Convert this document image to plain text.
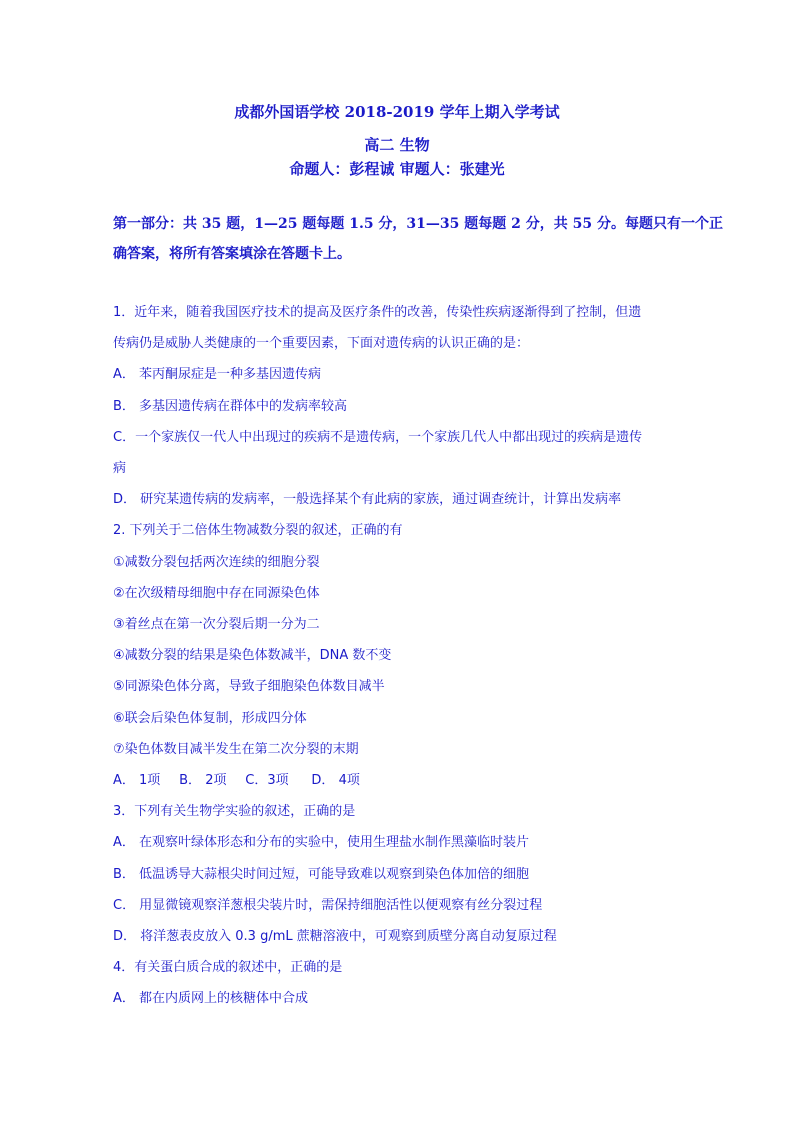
成都外国语学校 2018-2019 学年上期入学考试
高二 生物
命题人：彭程诚 审题人：张建光
第一部分：共 35 题，1—25 题每题 1.5 分，31—35 题每题 2 分，共 55 分。每题只有一个正
确答案，将所有答案填涂在答题卡上。
1．近年来，随着我国医疗技术的提高及医疗条件的改善，传染性疾病逐渐得到了控制，但遗
传病仍是威胁人类健康的一个重要因素，下面对遗传病的认识正确的是：
A． 苯丙酮尿症是一种多基因遗传病
B． 多基因遗传病在群体中的发病率较高
C．一个家族仅一代人中出现过的疾病不是遗传病，一个家族几代人中都出现过的疾病是遗传
病
D． 研究某遗传病的发病率，一般选择某个有此病的家族，通过调查统计，计算出发病率
2. 下列关于二倍体生物减数分裂的叙述，正确的有
①减数分裂包括两次连续的细胞分裂
②在次级精母细胞中存在同源染色体
③着丝点在第一次分裂后期一分为二
④减数分裂的结果是染色体数减半，DNA 数不变
⑤同源染色体分离，导致子细胞染色体数目减半
⑥联会后染色体复制，形成四分体
⑦染色体数目减半发生在第二次分裂的末期
A． 1项 B． 2项 C．3项 D． 4项
3．下列有关生物学实验的叙述，正确的是
A． 在观察叶绿体形态和分布的实验中，使用生理盐水制作黑藻临时装片
B． 低温诱导大蒜根尖时间过短，可能导致难以观察到染色体加倍的细胞
C． 用显微镜观察洋葱根尖装片时，需保持细胞活性以便观察有丝分裂过程
D． 将洋葱表皮放入 0.3 g/mL 蔗糖溶液中，可观察到质壁分离自动复原过程
4．有关蛋白质合成的叙述中，正确的是
A． 都在内质网上的核糖体中合成
